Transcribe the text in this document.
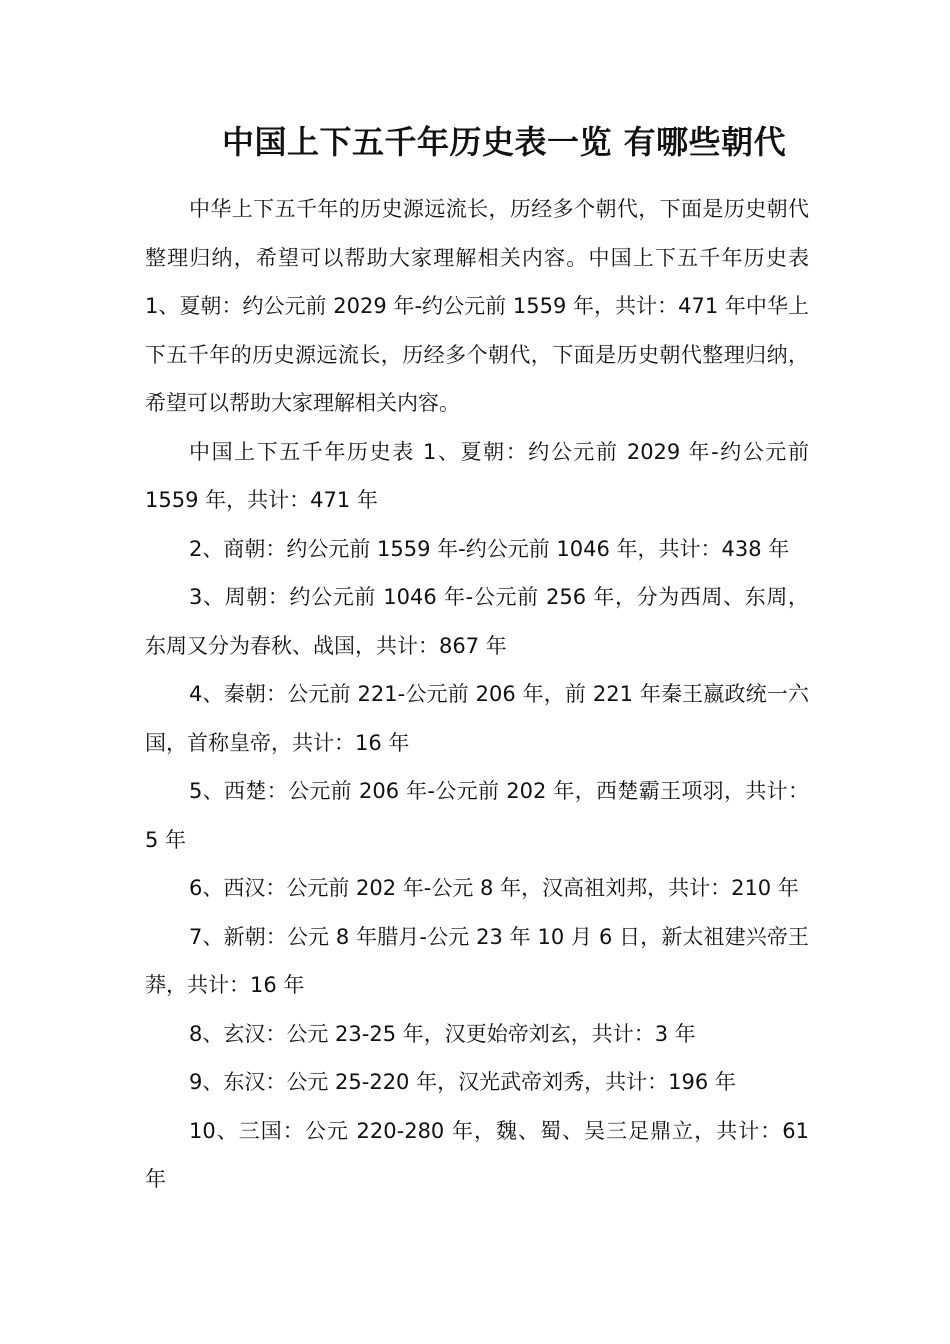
中国上下五千年历史表一览 有哪些朝代

中华上下五千年的历史源远流长，历经多个朝代，下面是历史朝代整理归纳，希望可以帮助大家理解相关内容。中国上下五千年历史表 1、夏朝：约公元前 2029 年-约公元前 1559 年，共计：471 年中华上下五千年的历史源远流长，历经多个朝代，下面是历史朝代整理归纳，希望可以帮助大家理解相关内容。

中国上下五千年历史表 1、夏朝：约公元前 2029 年-约公元前 1559 年，共计：471 年

2、商朝：约公元前 1559 年-约公元前 1046 年，共计：438 年

3、周朝：约公元前 1046 年-公元前 256 年，分为西周、东周，东周又分为春秋、战国，共计：867 年

4、秦朝：公元前 221-公元前 206 年，前 221 年秦王嬴政统一六国，首称皇帝，共计：16 年

5、西楚：公元前 206 年-公元前 202 年，西楚霸王项羽，共计：5 年

6、西汉：公元前 202 年-公元 8 年，汉高祖刘邦，共计：210 年

7、新朝：公元 8 年腊月-公元 23 年 10 月 6 日，新太祖建兴帝王莽，共计：16 年

8、玄汉：公元 23-25 年，汉更始帝刘玄，共计：3 年

9、东汉：公元 25-220 年，汉光武帝刘秀，共计：196 年

10、三国：公元 220-280 年，魏、蜀、吴三足鼎立，共计：61 年
